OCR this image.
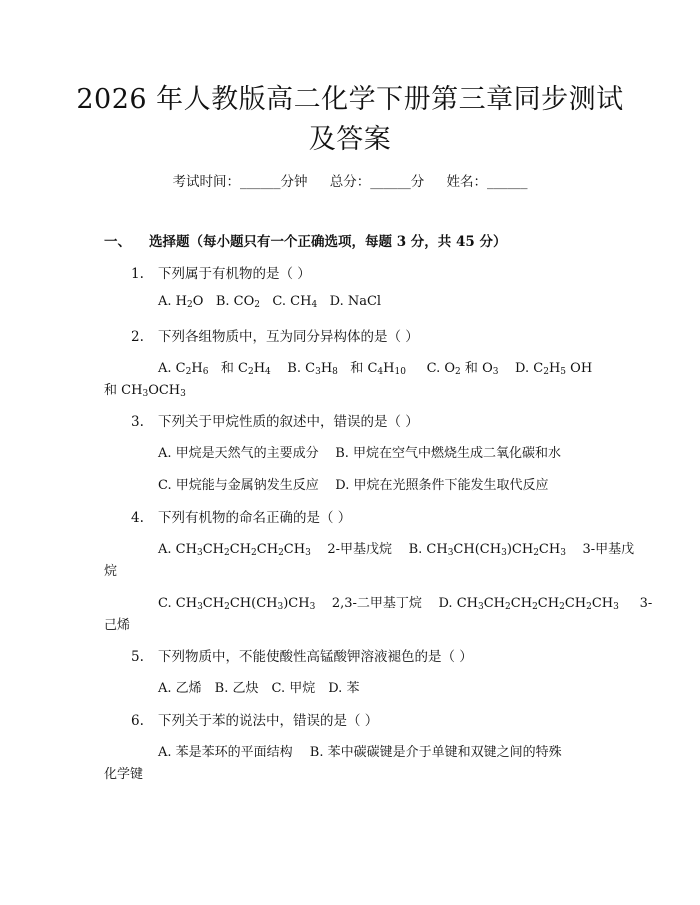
2026 年人教版高二化学下册第三章同步测试
及答案
考试时间：______分钟 总分：______分 姓名：______
一、 选择题（每小题只有一个正确选项，每题 3 分，共 45 分）
1. 下列属于有机物的是（ ）
A. $H_2O$ B. $CO_2$ C. $CH_4$ D. NaCl
2. 下列各组物质中，互为同分异构体的是（ ）
A. $C_2H_6$ 和 $C_2H_4$ B. $C_3H_8$ 和 $C_4H_{10}$ C. $O_2$ 和 $O_3$ D. $C_2H_5$ OH
和 $CH_3OCH_3$
3. 下列关于甲烷性质的叙述中，错误的是（ ）
A. 甲烷是天然气的主要成分 B. 甲烷在空气中燃烧生成二氧化碳和水
C. 甲烷能与金属钠发生反应 D. 甲烷在光照条件下能发生取代反应
4. 下列有机物的命名正确的是（ ）
A. $CH_3CH_2CH_2CH_2CH_3$ 2-甲基戊烷 B. $CH_3CH(CH_3)CH_2CH_3$ 3-甲基戊
烷
C. $CH_3CH_2CH(CH_3)CH_3$ 2,3-二甲基丁烷 D. $CH_3CH_2CH_2CH_2CH_2CH_3$ 3-
己烯
5. 下列物质中，不能使酸性高锰酸钾溶液褪色的是（ ）
A. 乙烯　B. 乙炔　C. 甲烷　D. 苯
6. 下列关于苯的说法中，错误的是（ ）
A. 苯是苯环的平面结构　 B. 苯中碳碳键是介于单键和双键之间的特殊
化学键
